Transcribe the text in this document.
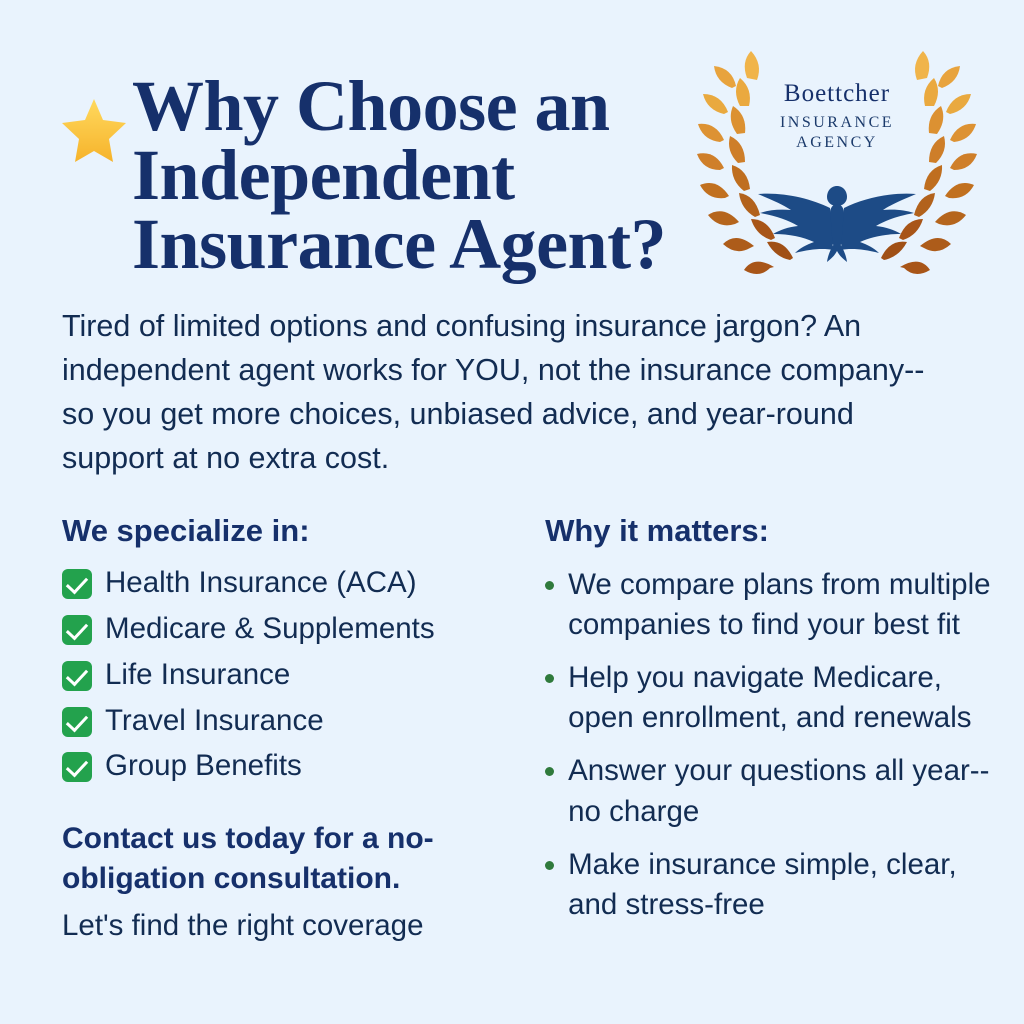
Boettcher
INSURANCE
AGENCY
Why Choose an Independent Insurance Agent?

Tired of limited options and confusing insurance jargon? An independent agent works for YOU, not the insurance company--so you get more choices, unbiased advice, and year-round support at no extra cost.

We specialize in:
Health Insurance (ACA)
Medicare & Supplements
Life Insurance
Travel Insurance
Group Benefits
Contact us today for a no-obligation consultation.
Let's find the right coverage
Why it matters:
We compare plans from multiple companies to find your best fit
Help you navigate Medicare, open enrollment, and renewals
Answer your questions all year--no charge
Make insurance simple, clear, and stress-free
